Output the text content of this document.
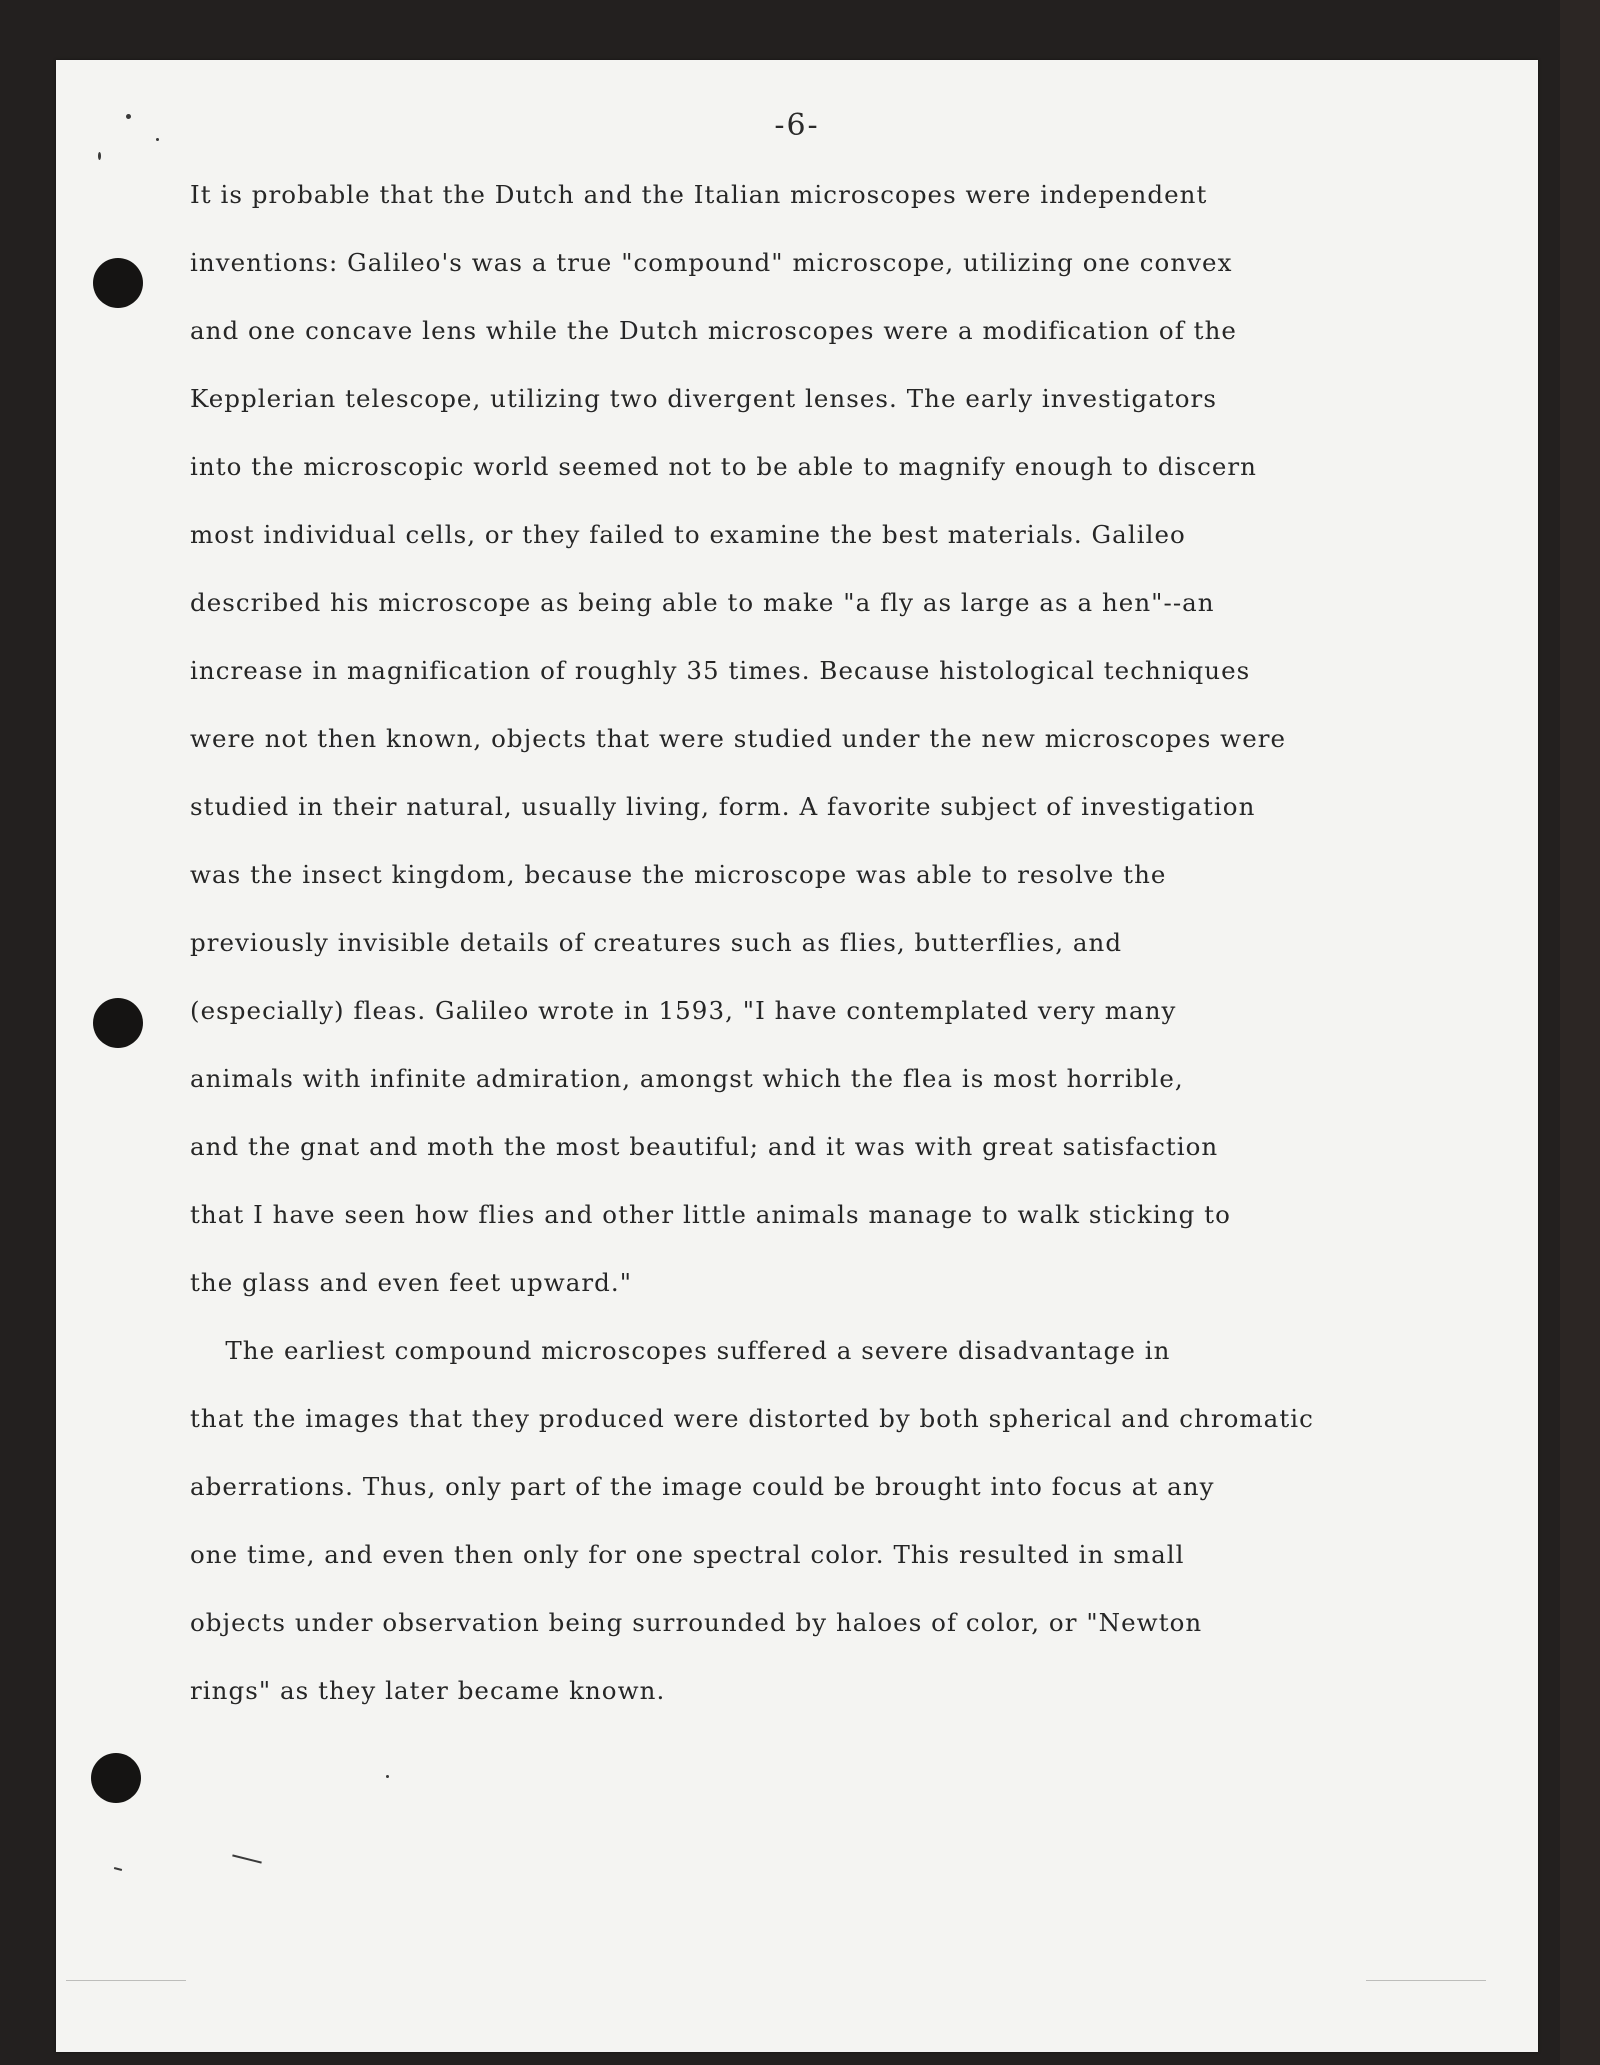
-6-

It is probable that the Dutch and the Italian microscopes were independent

inventions: Galileo's was a true "compound" microscope, utilizing one convex

and one concave lens while the Dutch microscopes were a modification of the

Kepplerian telescope, utilizing two divergent lenses. The early investigators

into the microscopic world seemed not to be able to magnify enough to discern

most individual cells, or they failed to examine the best materials. Galileo

described his microscope as being able to make "a fly as large as a hen"--an

increase in magnification of roughly 35 times. Because histological techniques

were not then known, objects that were studied under the new microscopes were

studied in their natural, usually living, form. A favorite subject of investigation

was the insect kingdom, because the microscope was able to resolve the

previously invisible details of creatures such as flies, butterflies, and

(especially) fleas. Galileo wrote in 1593, "I have contemplated very many

animals with infinite admiration, amongst which the flea is most horrible,

and the gnat and moth the most beautiful; and it was with great satisfaction

that I have seen how flies and other little animals manage to walk sticking to

the glass and even feet upward."

The earliest compound microscopes suffered a severe disadvantage in

that the images that they produced were distorted by both spherical and chromatic

aberrations. Thus, only part of the image could be brought into focus at any

one time, and even then only for one spectral color. This resulted in small

objects under observation being surrounded by haloes of color, or "Newton

rings" as they later became known.
